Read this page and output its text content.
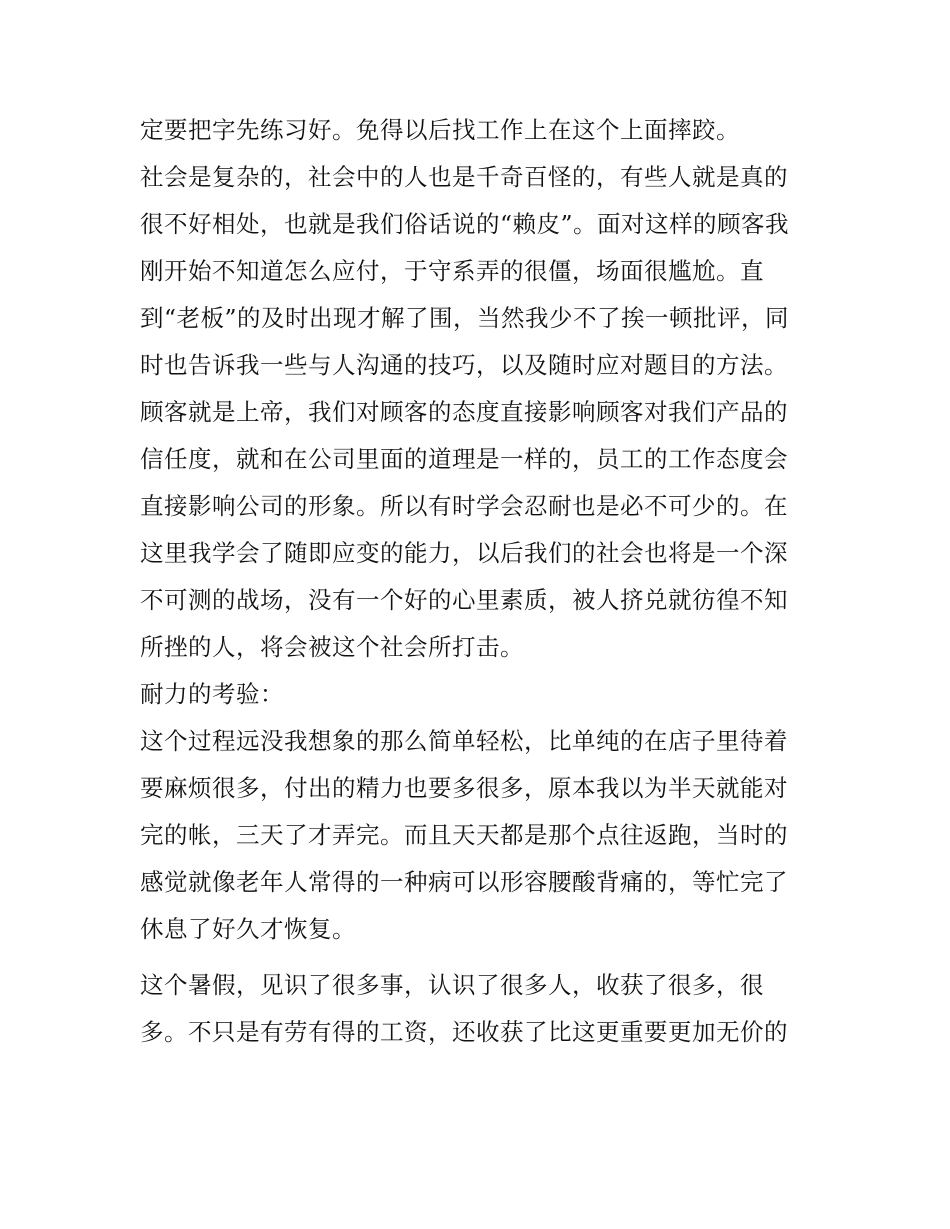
定要把字先练习好。免得以后找工作上在这个上面摔跤。
社会是复杂的，社会中的人也是千奇百怪的，有些人就是真的
很不好相处，也就是我们俗话说的“赖皮”。面对这样的顾客我
刚开始不知道怎么应付，于守系弄的很僵，场面很尴尬。直
到“老板”的及时出现才解了围，当然我少不了挨一顿批评，同
时也告诉我一些与人沟通的技巧，以及随时应对题目的方法。
顾客就是上帝，我们对顾客的态度直接影响顾客对我们产品的
信任度，就和在公司里面的道理是一样的，员工的工作态度会
直接影响公司的形象。所以有时学会忍耐也是必不可少的。在
这里我学会了随即应变的能力，以后我们的社会也将是一个深
不可测的战场，没有一个好的心里素质，被人挤兑就彷徨不知
所挫的人，将会被这个社会所打击。
耐力的考验：
这个过程远没我想象的那么简单轻松，比单纯的在店子里待着
要麻烦很多，付出的精力也要多很多，原本我以为半天就能对
完的帐，三天了才弄完。而且天天都是那个点往返跑，当时的
感觉就像老年人常得的一种病可以形容腰酸背痛的，等忙完了
休息了好久才恢复。
这个暑假，见识了很多事，认识了很多人，收获了很多，很
多。不只是有劳有得的工资，还收获了比这更重要更加无价的
